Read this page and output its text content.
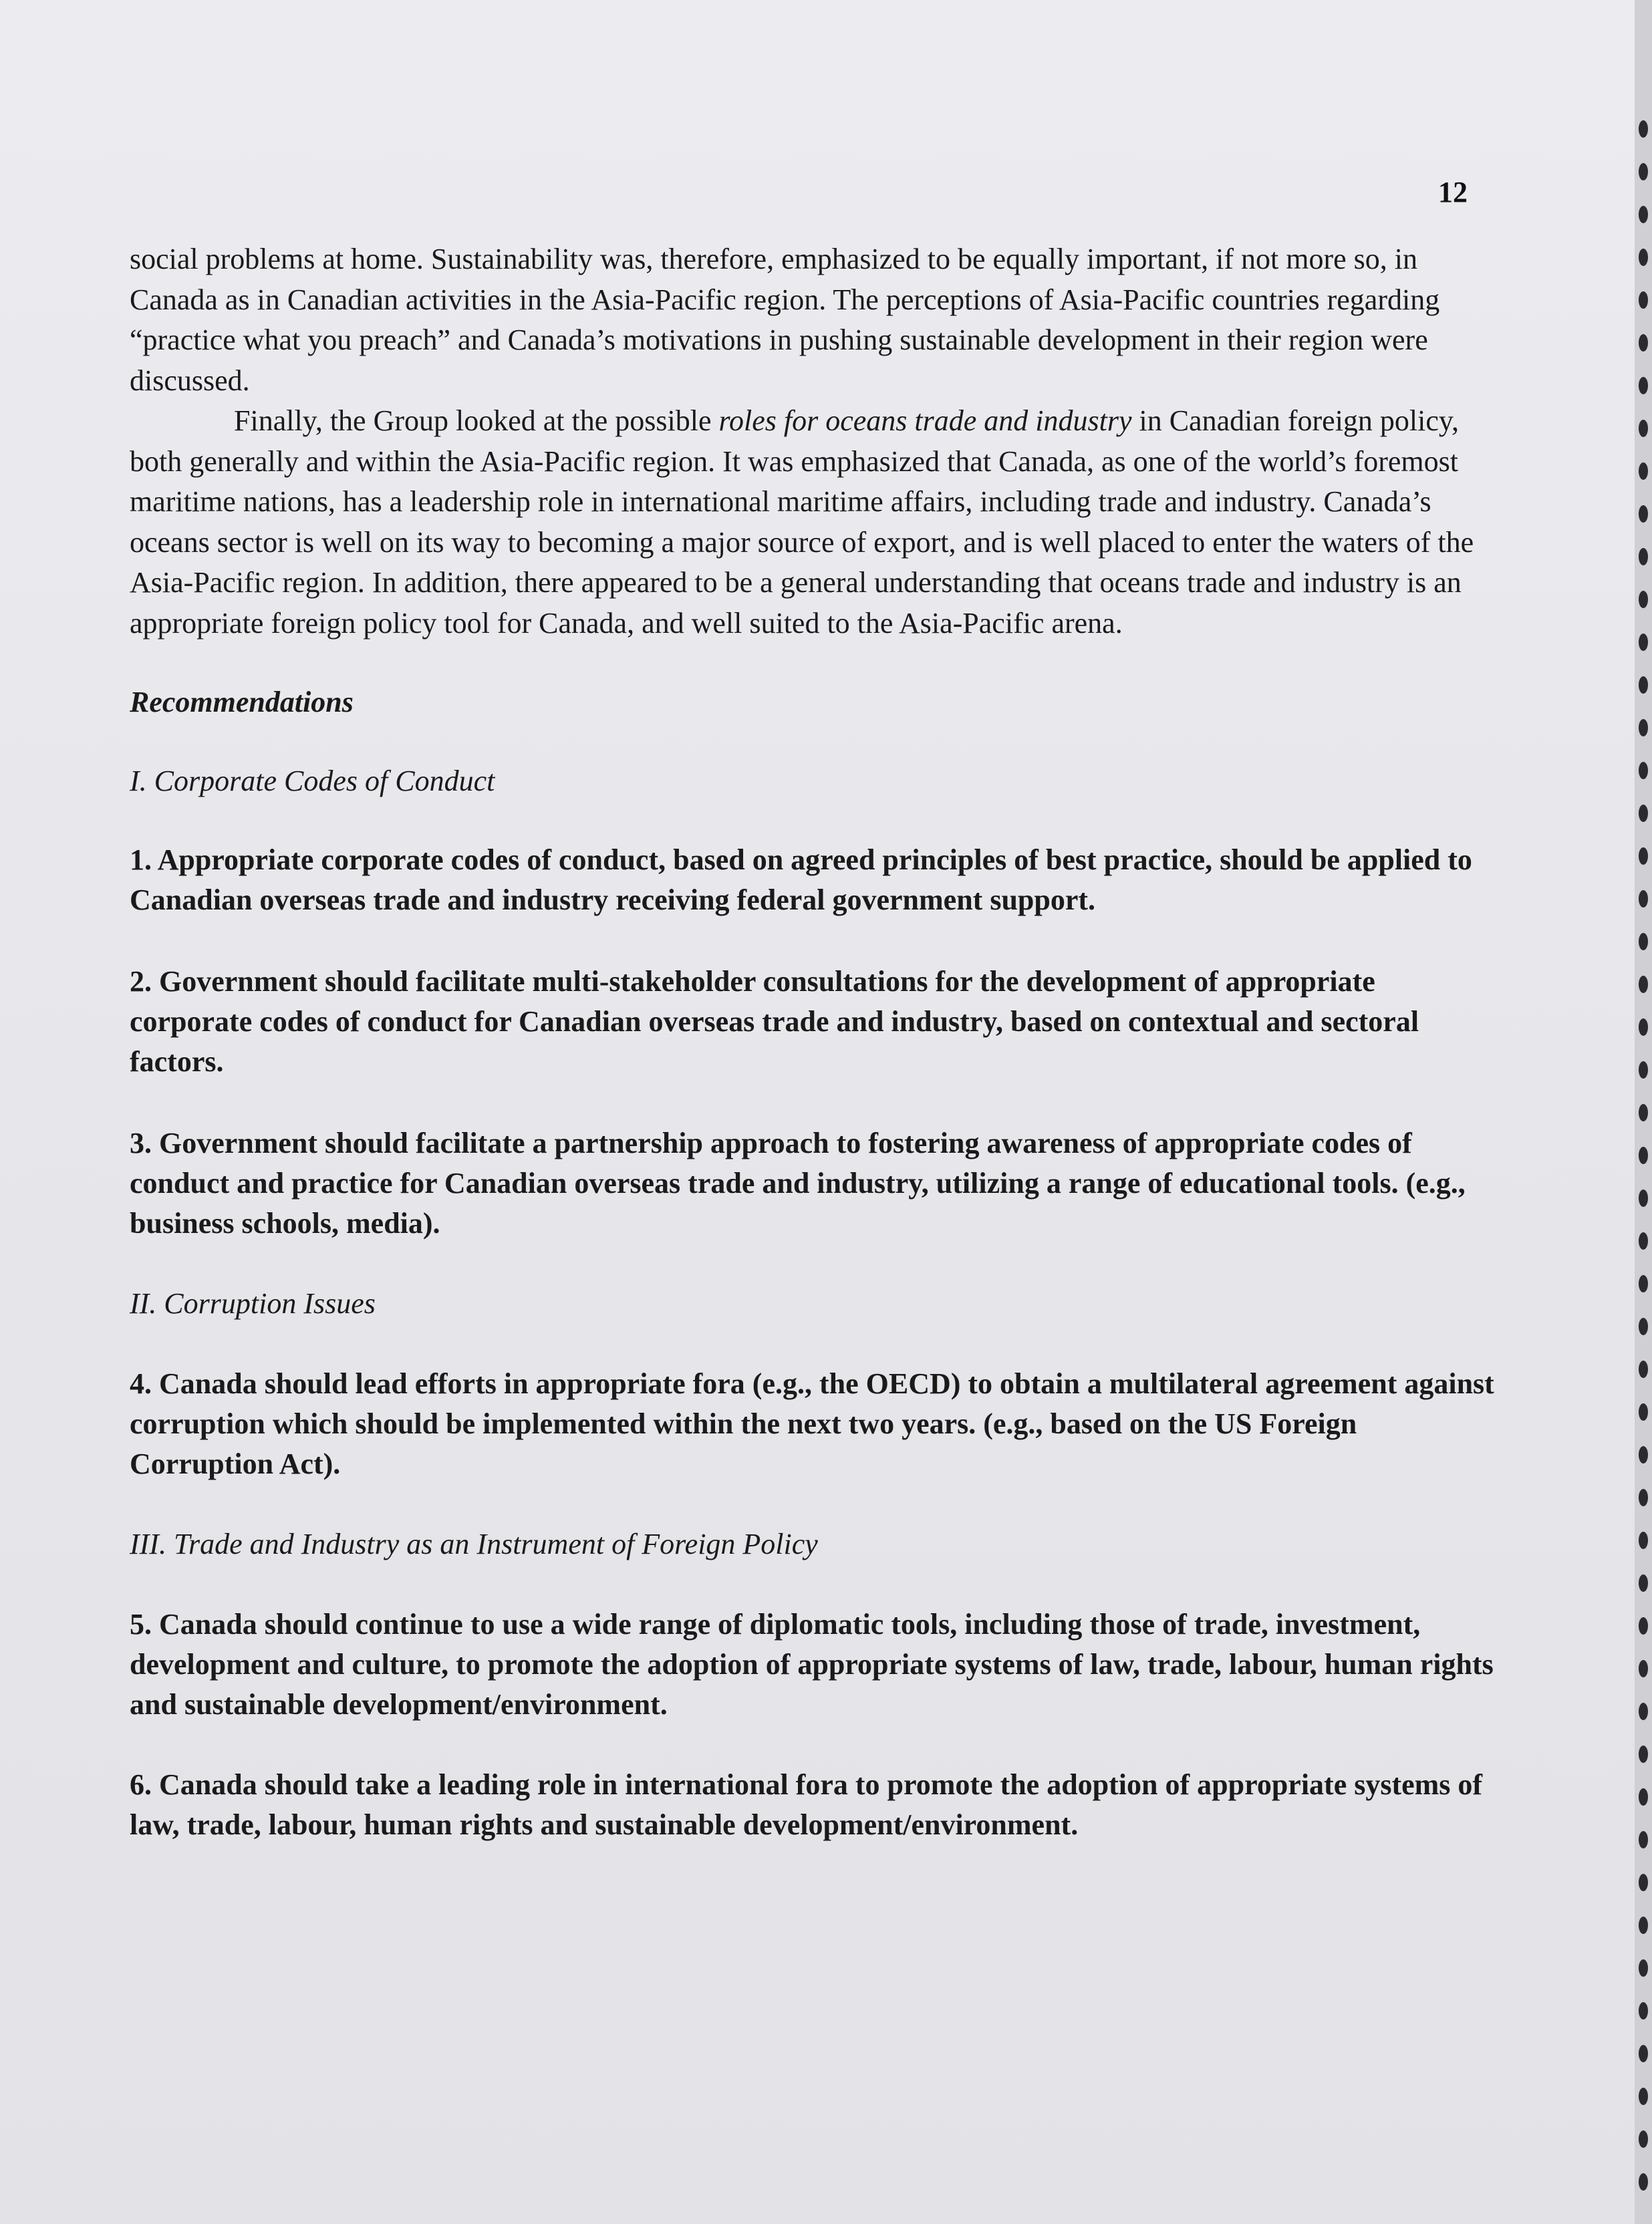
12

social problems at home. Sustainability was, therefore, emphasized to be equally important, if not more so, in Canada as in Canadian activities in the Asia-Pacific region. The perceptions of Asia-Pacific countries regarding “practice what you preach” and Canada’s motivations in pushing sustainable development in their region were discussed.

Finally, the Group looked at the possible roles for oceans trade and industry in Canadian foreign policy, both generally and within the Asia-Pacific region. It was emphasized that Canada, as one of the world’s foremost maritime nations, has a leadership role in international maritime affairs, including trade and industry. Canada’s oceans sector is well on its way to becoming a major source of export, and is well placed to enter the waters of the Asia-Pacific region. In addition, there appeared to be a general understanding that oceans trade and industry is an appropriate foreign policy tool for Canada, and well suited to the Asia-Pacific arena.

Recommendations

I. Corporate Codes of Conduct

1. Appropriate corporate codes of conduct, based on agreed principles of best practice, should be applied to Canadian overseas trade and industry receiving federal government support.

2. Government should facilitate multi-stakeholder consultations for the development of appropriate corporate codes of conduct for Canadian overseas trade and industry, based on contextual and sectoral factors.

3. Government should facilitate a partnership approach to fostering awareness of appropriate codes of conduct and practice for Canadian overseas trade and industry, utilizing a range of educational tools. (e.g., business schools, media).

II. Corruption Issues

4. Canada should lead efforts in appropriate fora (e.g., the OECD) to obtain a multilateral agreement against corruption which should be implemented within the next two years. (e.g., based on the US Foreign Corruption Act).

III. Trade and Industry as an Instrument of Foreign Policy

5. Canada should continue to use a wide range of diplomatic tools, including those of trade, investment, development and culture, to promote the adoption of appropriate systems of law, trade, labour, human rights and sustainable development/environment.

6. Canada should take a leading role in international fora to promote the adoption of appropriate systems of law, trade, labour, human rights and sustainable development/environment.
